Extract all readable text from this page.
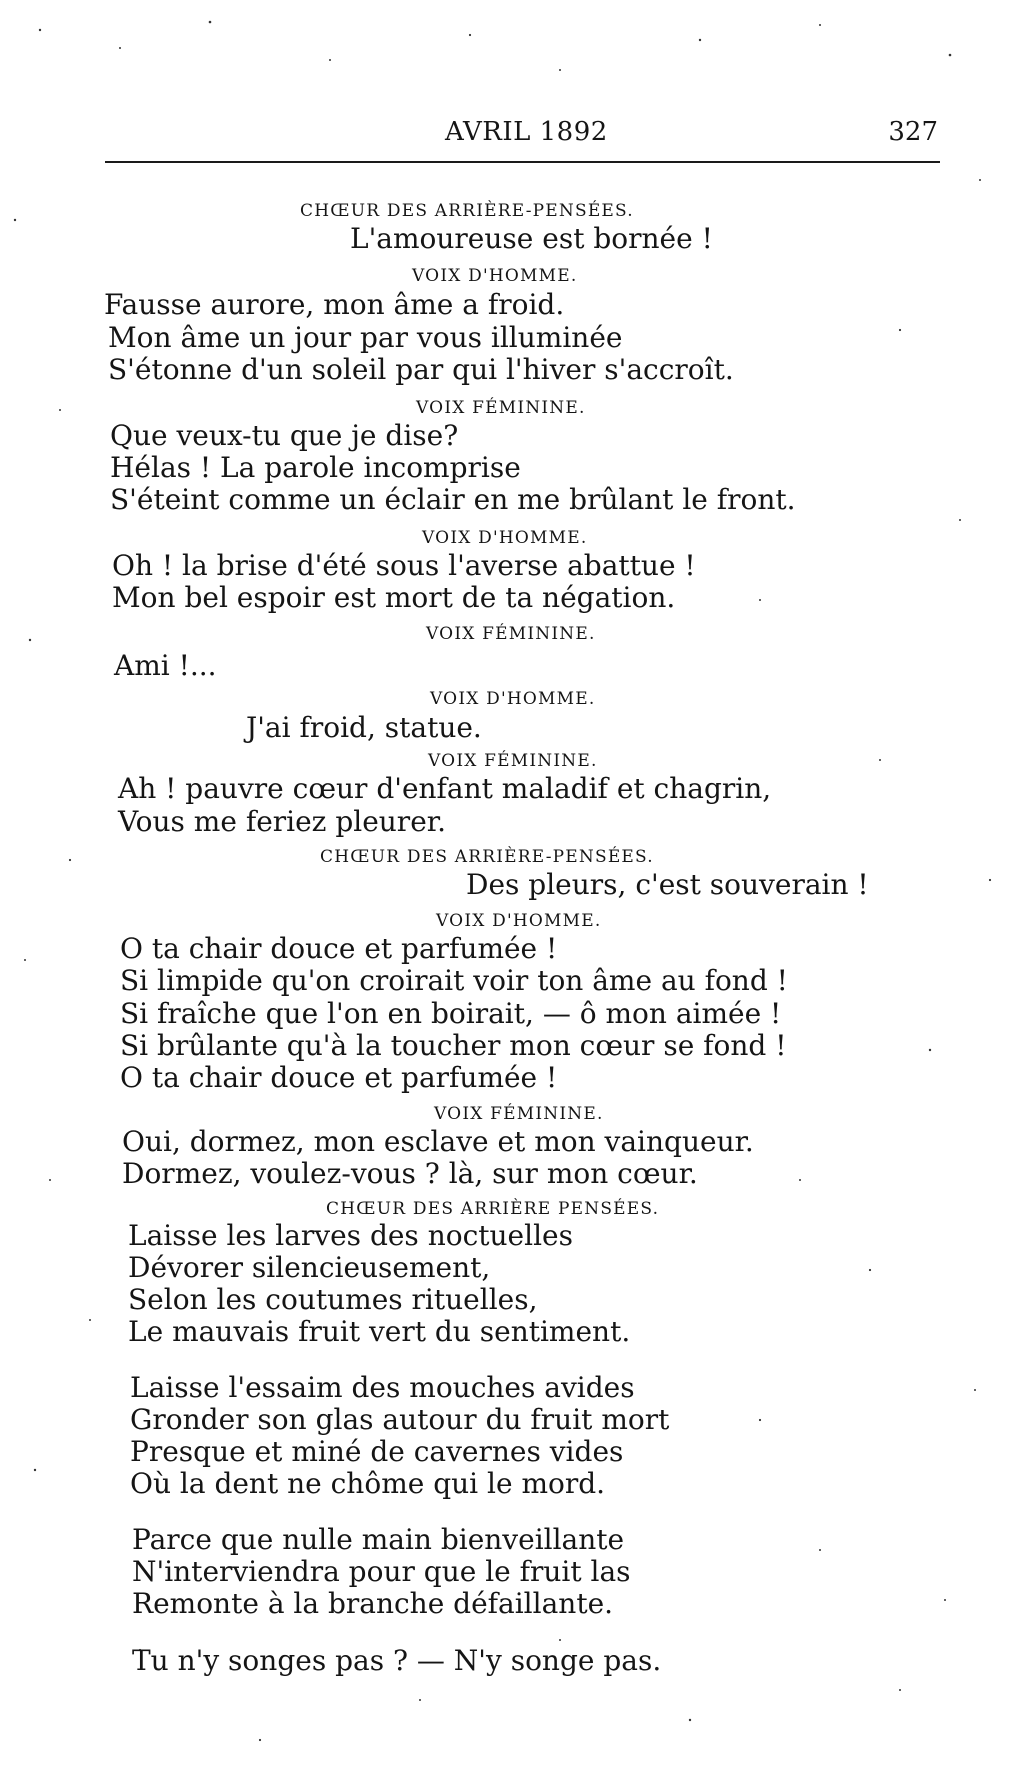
AVRIL 1892	327
CHŒUR DES ARRIÈRE-PENSÉES.
L'amoureuse est bornée !
VOIX D'HOMME.
Fausse aurore, mon âme a froid.
Mon âme un jour par vous illuminée
S'étonne d'un soleil par qui l'hiver s'accroît.
VOIX FÉMININE.
Que veux-tu que je dise?
Hélas ! La parole incomprise
S'éteint comme un éclair en me brûlant le front.
VOIX D'HOMME.
Oh ! la brise d'été sous l'averse abattue !
Mon bel espoir est mort de ta négation.
VOIX FÉMININE.
Ami !...
VOIX D'HOMME.
J'ai froid, statue.
VOIX FÉMININE.
Ah ! pauvre cœur d'enfant maladif et chagrin,
Vous me feriez pleurer.
CHŒUR DES ARRIÈRE-PENSÉES.
Des pleurs, c'est souverain !
VOIX D'HOMME.
O ta chair douce et parfumée !
Si limpide qu'on croirait voir ton âme au fond !
Si fraîche que l'on en boirait, — ô mon aimée !
Si brûlante qu'à la toucher mon cœur se fond !
O ta chair douce et parfumée !
VOIX FÉMININE.
Oui, dormez, mon esclave et mon vainqueur.
Dormez, voulez-vous ? là, sur mon cœur.
CHŒUR DES ARRIÈRE PENSÉES.
Laisse les larves des noctuelles
Dévorer silencieusement,
Selon les coutumes rituelles,
Le mauvais fruit vert du sentiment.
Laisse l'essaim des mouches avides
Gronder son glas autour du fruit mort
Presque et miné de cavernes vides
Où la dent ne chôme qui le mord.
Parce que nulle main bienveillante
N'interviendra pour que le fruit las
Remonte à la branche défaillante.
Tu n'y songes pas ? — N'y songe pas.
